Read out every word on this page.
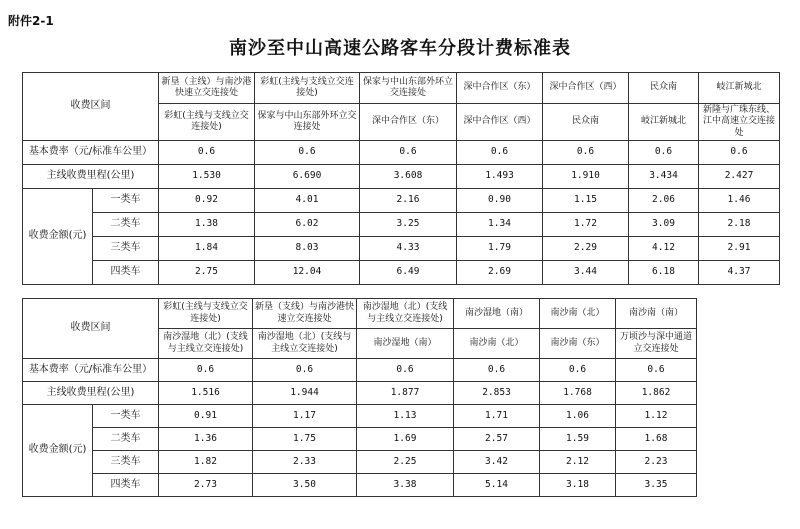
附件2-1
南沙至中山高速公路客车分段计费标准表
收费区间		新垦（主线）与南沙港快速立交连接处	彩虹(主线与支线立交连接处)	保家与中山东部外环立交连接处	深中合作区（东）	深中合作区（西）	民众南	岐江新城北
		彩虹(主线与支线立交连接处)	保家与中山东部外环立交连接处	深中合作区（东）	深中合作区（西）	民众南	岐江新城北	新隆与广珠东线、江中高速立交连接处
基本费率（元/标准车公里）		0.6	0.6	0.6	0.6	0.6	0.6	0.6
主线收费里程(公里)		1.530	6.690	3.608	1.493	1.910	3.434	2.427
收费金额(元)	一类车	0.92	4.01	2.16	0.90	1.15	2.06	1.46
	二类车	1.38	6.02	3.25	1.34	1.72	3.09	2.18
	三类车	1.84	8.03	4.33	1.79	2.29	4.12	2.91
	四类车	2.75	12.04	6.49	2.69	3.44	6.18	4.37
收费区间		彩虹(主线与支线立交连接处)	新垦（支线）与南沙港快速立交连接处	南沙湿地（北）(支线与主线立交连接处)	南沙湿地（南）	南沙南（北）	南沙南（南）
		南沙湿地（北）(支线与主线立交连接处)	南沙湿地（北）(支线与主线立交连接处)	南沙湿地（南）	南沙南（北）	南沙南（东）	万顷沙与深中通道立交连接处
基本费率（元/标准车公里）		0.6	0.6	0.6	0.6	0.6	0.6
主线收费里程(公里)		1.516	1.944	1.877	2.853	1.768	1.862
收费金额(元)	一类车	0.91	1.17	1.13	1.71	1.06	1.12
	二类车	1.36	1.75	1.69	2.57	1.59	1.68
	三类车	1.82	2.33	2.25	3.42	2.12	2.23
	四类车	2.73	3.50	3.38	5.14	3.18	3.35
